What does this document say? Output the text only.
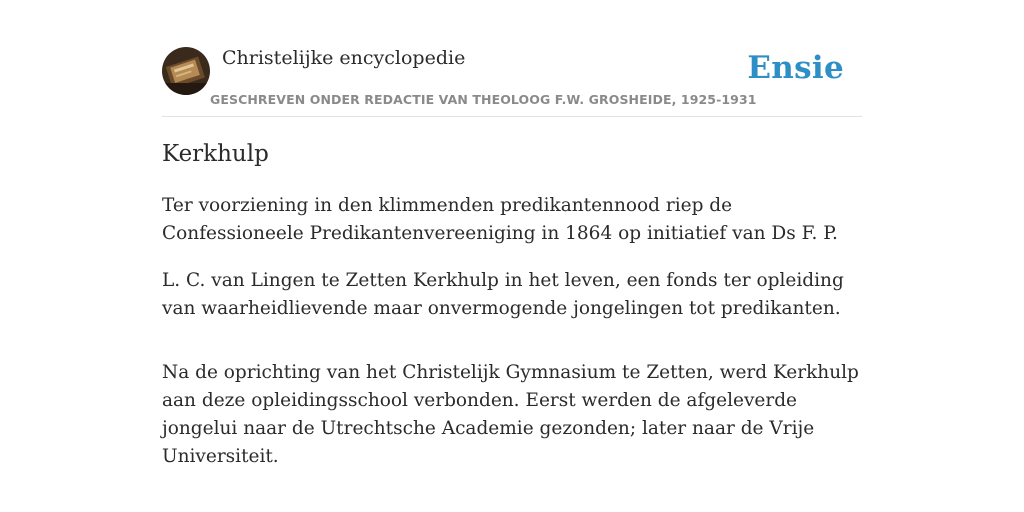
Christelijke encyclopedie
GESCHREVEN ONDER REDACTIE VAN THEOLOOG F.W. GROSHEIDE, 1925-1931
Ensie
Kerkhulp

Ter voorziening in den klimmenden predikantennood riep de Confessioneele Predikantenvereeniging in 1864 op initiatief van Ds F. P.

L. C. van Lingen te Zetten Kerkhulp in het leven, een fonds ter opleiding van waarheidlievende maar onvermogende jongelingen tot predikanten.

Na de oprichting van het Christelijk Gymnasium te Zetten, werd Kerkhulp aan deze opleidingsschool verbonden. Eerst werden de afgeleverde jongelui naar de Utrechtsche Academie gezonden; later naar de Vrije Universiteit.
